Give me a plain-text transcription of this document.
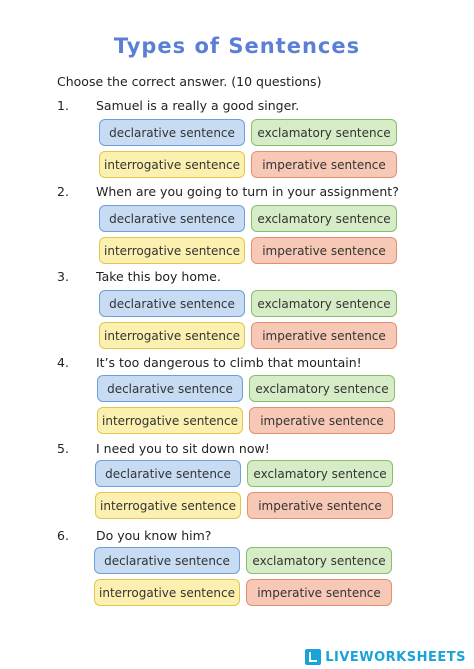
Types of Sentences
Choose the correct answer. (10 questions)
1. Samuel is a really a good singer.
declarative sentence	exclamatory sentence
interrogative sentence	imperative sentence
2. When are you going to turn in your assignment?
declarative sentence	exclamatory sentence
interrogative sentence	imperative sentence
3. Take this boy home.
declarative sentence	exclamatory sentence
interrogative sentence	imperative sentence
4. It’s too dangerous to climb that mountain!
declarative sentence	exclamatory sentence
interrogative sentence	imperative sentence
5. I need you to sit down now!
declarative sentence	exclamatory sentence
interrogative sentence	imperative sentence
6. Do you know him?
declarative sentence	exclamatory sentence
interrogative sentence	imperative sentence
LIVEWORKSHEETS
